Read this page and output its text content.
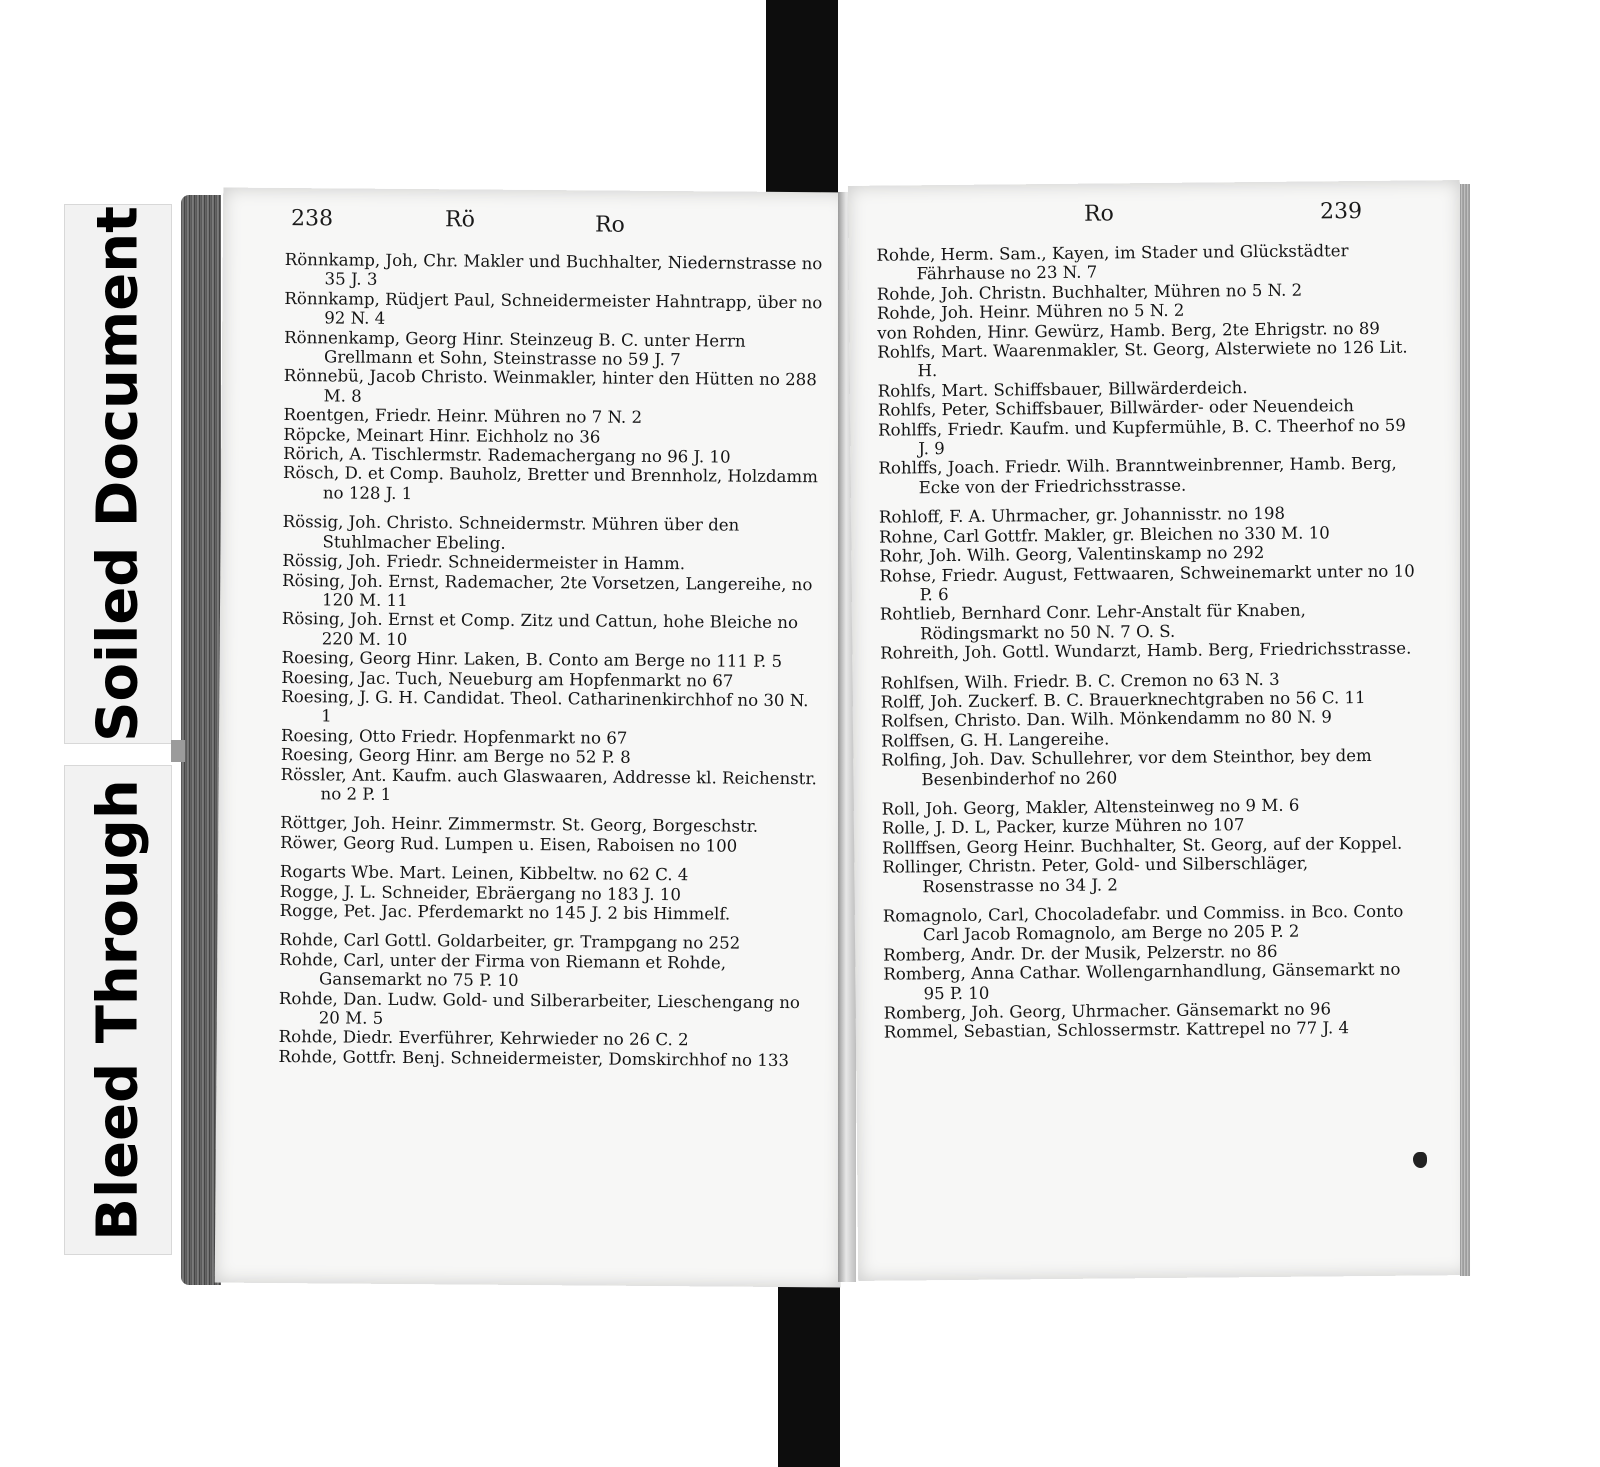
Soiled Document
Bleed Through
238	Rö	Ro
Rönnkamp, Joh, Chr. Makler und Buchhalter, Niedernstrasse no 35 J. 3
Rönnkamp, Rüdjert Paul, Schneidermeister Hahntrapp, über no 92 N. 4
Rönnenkamp, Georg Hinr. Steinzeug B. C. unter Herrn Grellmann et Sohn, Steinstrasse no 59 J. 7
Rönnebü, Jacob Christo. Weinmakler, hinter den Hütten no 288 M. 8
Roentgen, Friedr. Heinr. Mühren no 7 N. 2
Röpcke, Meinart Hinr. Eichholz no 36
Rörich, A. Tischlermstr. Rademachergang no 96 J. 10
Rösch, D. et Comp. Bauholz, Bretter und Brennholz, Holzdamm no 128 J. 1
Rössig, Joh. Christo. Schneidermstr. Mühren über den Stuhlmacher Ebeling.
Rössig, Joh. Friedr. Schneidermeister in Hamm.
Rösing, Joh. Ernst, Rademacher, 2te Vorsetzen, Langereihe, no 120 M. 11
Rösing, Joh. Ernst et Comp. Zitz und Cattun, hohe Bleiche no 220 M. 10
Roesing, Georg Hinr. Laken, B. Conto am Berge no 111 P. 5
Roesing, Jac. Tuch, Neueburg am Hopfenmarkt no 67
Roesing, J. G. H. Candidat. Theol. Catharinenkirchhof no 30 N. 1
Roesing, Otto Friedr. Hopfenmarkt no 67
Roesing, Georg Hinr. am Berge no 52 P. 8
Rössler, Ant. Kaufm. auch Glaswaaren, Addresse kl. Reichenstr. no 2 P. 1
Röttger, Joh. Heinr. Zimmermstr. St. Georg, Borgeschstr.
Röwer, Georg Rud. Lumpen u. Eisen, Raboisen no 100
Rogarts Wbe. Mart. Leinen, Kibbeltw. no 62 C. 4
Rogge, J. L. Schneider, Ebräergang no 183 J. 10
Rogge, Pet. Jac. Pferdemarkt no 145 J. 2 bis Himmelf.
Rohde, Carl Gottl. Goldarbeiter, gr. Trampgang no 252
Rohde, Carl, unter der Firma von Riemann et Rohde, Gansemarkt no 75 P. 10
Rohde, Dan. Ludw. Gold- und Silberarbeiter, Lieschengang no 20 M. 5
Rohde, Diedr. Everführer, Kehrwieder no 26 C. 2
Rohde, Gottfr. Benj. Schneidermeister, Domskirchhof no 133
Ro	239
Rohde, Herm. Sam., Kayen, im Stader und Glückstädter Fährhause no 23 N. 7
Rohde, Joh. Christn. Buchhalter, Mühren no 5 N. 2
Rohde, Joh. Heinr. Mühren no 5 N. 2
von Rohden, Hinr. Gewürz, Hamb. Berg, 2te Ehrigstr. no 89
Rohlfs, Mart. Waarenmakler, St. Georg, Alsterwiete no 126 Lit. H.
Rohlfs, Mart. Schiffsbauer, Billwärderdeich.
Rohlfs, Peter, Schiffsbauer, Billwärder- oder Neuendeich
Rohlffs, Friedr. Kaufm. und Kupfermühle, B. C. Theerhof no 59 J. 9
Rohlffs, Joach. Friedr. Wilh. Branntweinbrenner, Hamb. Berg, Ecke von der Friedrichsstrasse.
Rohloff, F. A. Uhrmacher, gr. Johannisstr. no 198
Rohne, Carl Gottfr. Makler, gr. Bleichen no 330 M. 10
Rohr, Joh. Wilh. Georg, Valentinskamp no 292
Rohse, Friedr. August, Fettwaaren, Schweinemarkt unter no 10 P. 6
Rohtlieb, Bernhard Conr. Lehr-Anstalt für Knaben, Rödingsmarkt no 50 N. 7 O. S.
Rohreith, Joh. Gottl. Wundarzt, Hamb. Berg, Friedrichsstrasse.
Rohlfsen, Wilh. Friedr. B. C. Cremon no 63 N. 3
Rolff, Joh. Zuckerf. B. C. Brauerknechtgraben no 56 C. 11
Rolfsen, Christo. Dan. Wilh. Mönkendamm no 80 N. 9
Rolffsen, G. H. Langereihe.
Rolfing, Joh. Dav. Schullehrer, vor dem Steinthor, bey dem Besenbinderhof no 260
Roll, Joh. Georg, Makler, Altensteinweg no 9 M. 6
Rolle, J. D. L, Packer, kurze Mühren no 107
Rollffsen, Georg Heinr. Buchhalter, St. Georg, auf der Koppel.
Rollinger, Christn. Peter, Gold- und Silberschläger, Rosenstrasse no 34 J. 2
Romagnolo, Carl, Chocoladefabr. und Commiss. in Bco. Conto Carl Jacob Romagnolo, am Berge no 205 P. 2
Romberg, Andr. Dr. der Musik, Pelzerstr. no 86
Romberg, Anna Cathar. Wollengarnhandlung, Gänsemarkt no 95 P. 10
Romberg, Joh. Georg, Uhrmacher. Gänsemarkt no 96
Rommel, Sebastian, Schlossermstr. Kattrepel no 77 J. 4
